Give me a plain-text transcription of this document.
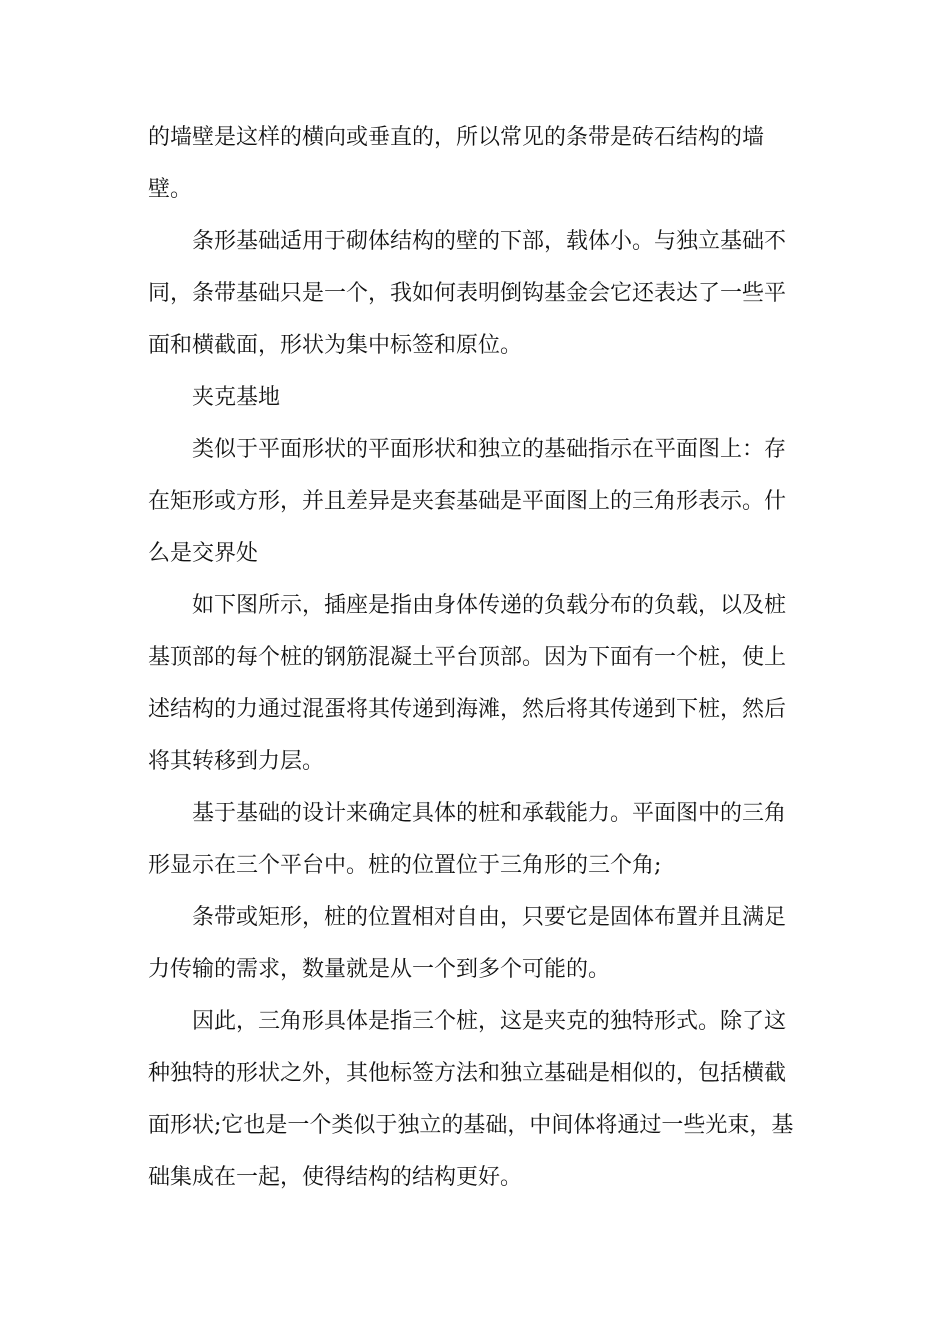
的墙壁是这样的横向或垂直的，所以常见的条带是砖石结构的墙壁。

条形基础适用于砌体结构的壁的下部，载体小。与独立基础不同，条带基础只是一个，我如何表明倒钩基金会它还表达了一些平面和横截面，形状为集中标签和原位。

夹克基地

类似于平面形状的平面形状和独立的基础指示在平面图上：存在矩形或方形，并且差异是夹套基础是平面图上的三角形表示。什么是交界处

如下图所示，插座是指由身体传递的负载分布的负载，以及桩基顶部的每个桩的钢筋混凝土平台顶部。因为下面有一个桩，使上述结构的力通过混蛋将其传递到海滩，然后将其传递到下桩，然后将其转移到力层。

基于基础的设计来确定具体的桩和承载能力。平面图中的三角形显示在三个平台中。桩的位置位于三角形的三个角;

条带或矩形，桩的位置相对自由，只要它是固体布置并且满足力传输的需求，数量就是从一个到多个可能的。

因此，三角形具体是指三个桩，这是夹克的独特形式。除了这种独特的形状之外，其他标签方法和独立基础是相似的，包括横截面形状;它也是一个类似于独立的基础，中间体将通过一些光束，基础集成在一起，使得结构的结构更好。
